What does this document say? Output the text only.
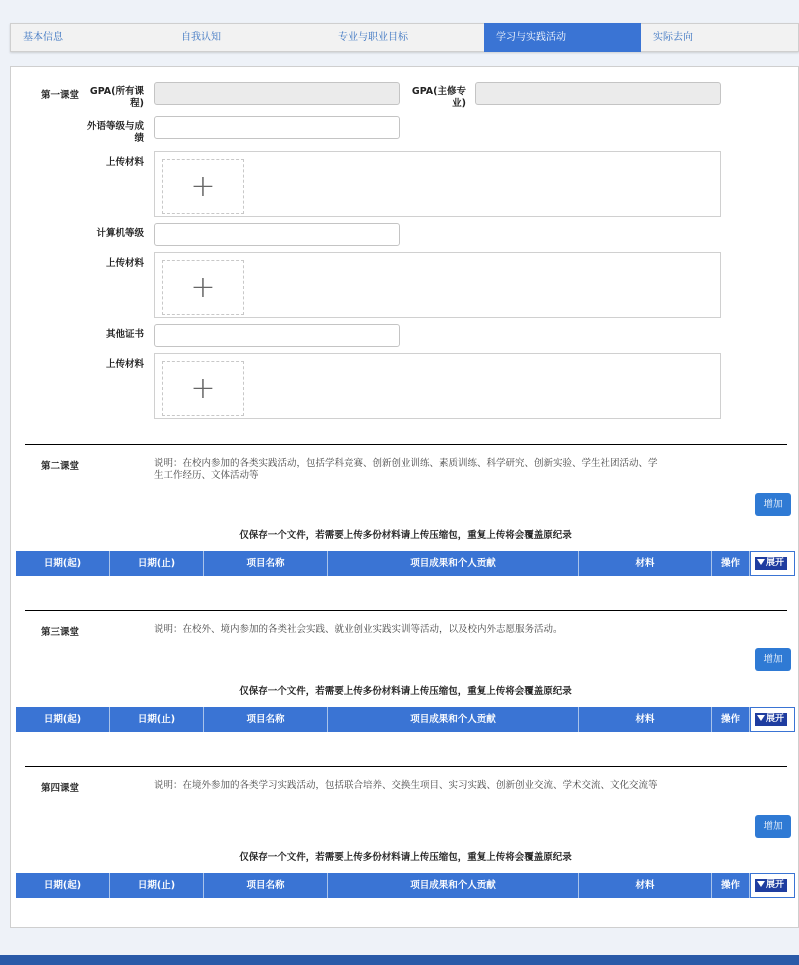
基本信息	自我认知	专业与职业目标	学习与实践活动	实际去向
第一课堂	GPA(所有课程)
GPA(主修专业)
外语等级与成绩
上传材料
+
计算机等级
上传材料
+
其他证书
上传材料
+
第二课堂	说明：在校内参加的各类实践活动，包括学科竞赛、创新创业训练、素质训练、科学研究、创新实验、学生社团活动、学生工作经历、文体活动等
增加
仅保存一个文件，若需要上传多份材料请上传压缩包，重复上传将会覆盖原纪录
日期(起)	日期(止)	项目名称	项目成果和个人贡献	材料	操作	展开
第三课堂	说明：在校外、境内参加的各类社会实践、就业创业实践实训等活动，以及校内外志愿服务活动。
增加
仅保存一个文件，若需要上传多份材料请上传压缩包，重复上传将会覆盖原纪录
日期(起)	日期(止)	项目名称	项目成果和个人贡献	材料	操作	展开
第四课堂	说明：在境外参加的各类学习实践活动，包括联合培养、交换生项目、实习实践、创新创业交流、学术交流、文化交流等
增加
仅保存一个文件，若需要上传多份材料请上传压缩包，重复上传将会覆盖原纪录
日期(起)	日期(止)	项目名称	项目成果和个人贡献	材料	操作	展开
